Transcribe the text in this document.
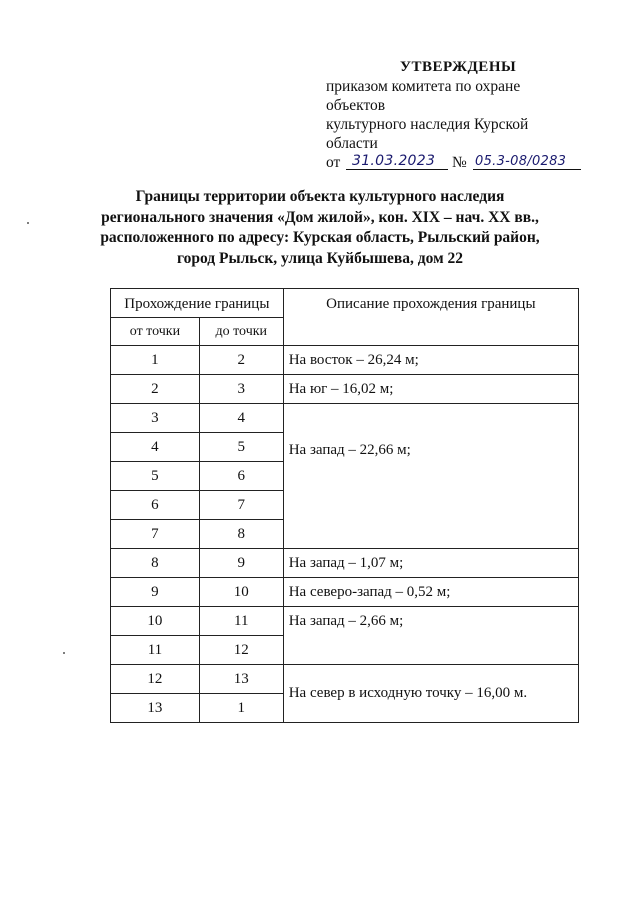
УТВЕРЖДЕНЫ
приказом комитета по охране объектов
культурного наследия Курской области
от 31.03.2023 № 05.3-08/0283
Границы территории объекта культурного наследия
регионального значения «Дом жилой», кон. XIX – нач. XX вв.,
расположенного по адресу: Курская область, Рыльский район,
город Рыльск, улица Куйбышева, дом 22
Прохождение границы		Описание прохождения границы
от точки	до точки	
1	2	На восток – 26,24 м;
2	3	На юг – 16,02 м;
3	4	На запад – 22,66 м;
4	5	
5	6	
6	7	
7	8	
8	9	На запад – 1,07 м;
9	10	На северо-запад – 0,52 м;
10	11	На запад – 2,66 м;
11	12	
12	13	На север в исходную точку – 16,00 м.
13	1	
